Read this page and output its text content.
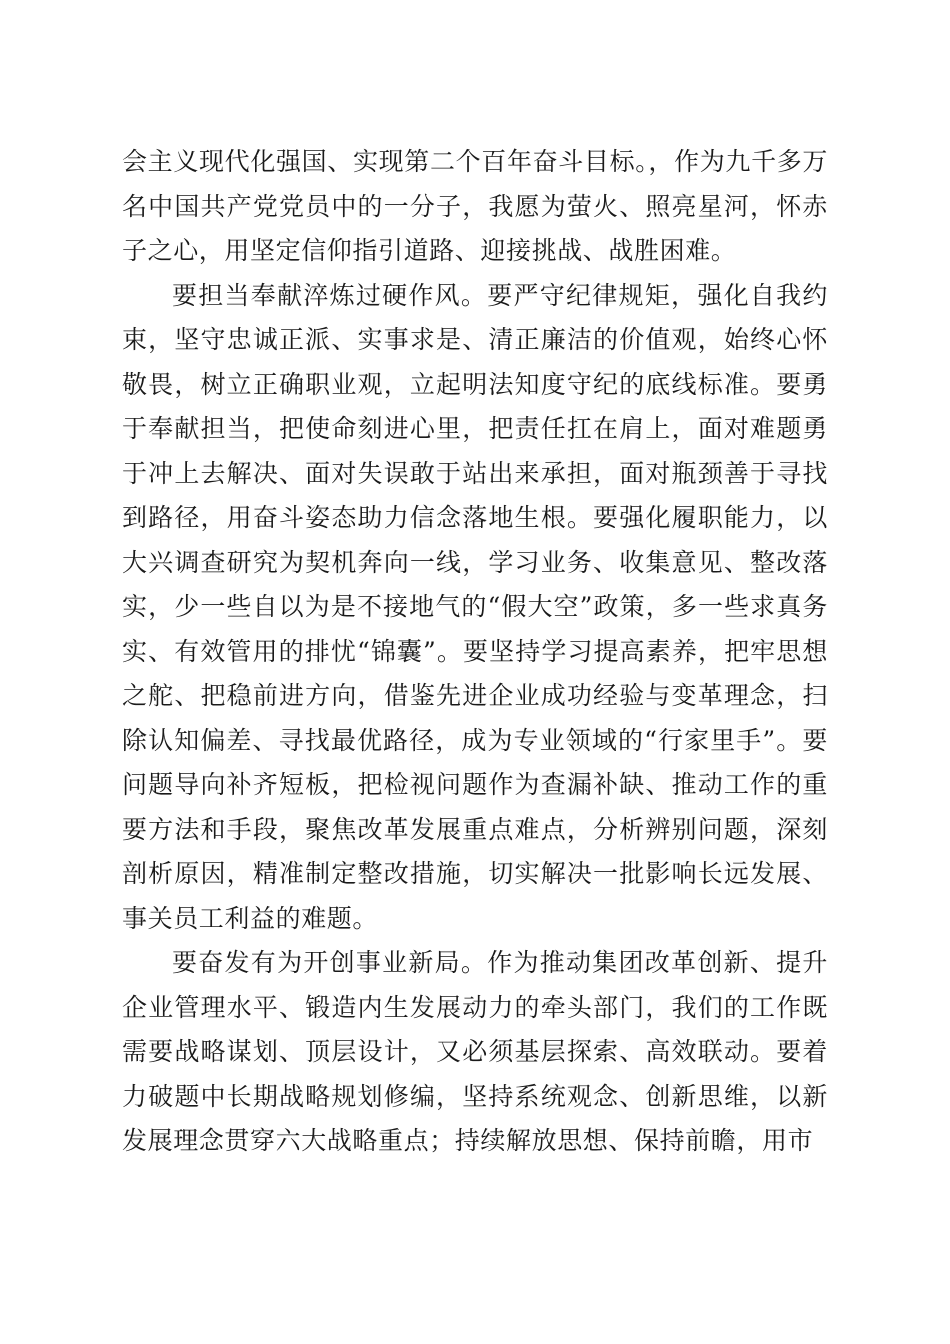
会主义现代化强国、实现第二个百年奋斗目标。，作为九千多万名中国共产党党员中的一分子，我愿为萤火、照亮星河，怀赤子之心，用坚定信仰指引道路、迎接挑战、战胜困难。

要担当奉献淬炼过硬作风。要严守纪律规矩，强化自我约束，坚守忠诚正派、实事求是、清正廉洁的价值观，始终心怀敬畏，树立正确职业观，立起明法知度守纪的底线标准。要勇于奉献担当，把使命刻进心里，把责任扛在肩上，面对难题勇于冲上去解决、面对失误敢于站出来承担，面对瓶颈善于寻找到路径，用奋斗姿态助力信念落地生根。要强化履职能力，以大兴调查研究为契机奔向一线，学习业务、收集意见、整改落实，少一些自以为是不接地气的“假大空”政策，多一些求真务实、有效管用的排忧“锦囊”。要坚持学习提高素养，把牢思想之舵、把稳前进方向，借鉴先进企业成功经验与变革理念，扫除认知偏差、寻找最优路径，成为专业领域的“行家里手”。要问题导向补齐短板，把检视问题作为查漏补缺、推动工作的重要方法和手段，聚焦改革发展重点难点，分析辨别问题，深刻剖析原因，精准制定整改措施，切实解决一批影响长远发展、事关员工利益的难题。

要奋发有为开创事业新局。作为推动集团改革创新、提升企业管理水平、锻造内生发展动力的牵头部门，我们的工作既需要战略谋划、顶层设计，又必须基层探索、高效联动。要着力破题中长期战略规划修编，坚持系统观念、创新思维，以新发展理念贯穿六大战略重点；持续解放思想、保持前瞻，用市
